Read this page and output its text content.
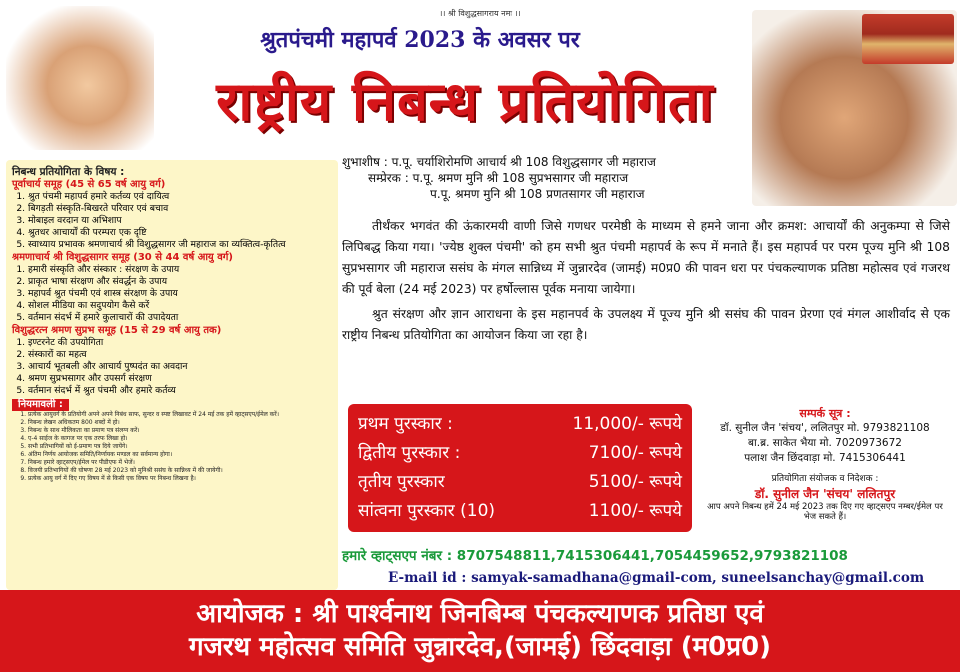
।। श्री विशुद्धसागराय नमः ।।
श्रुतपंचमी महापर्व 2023 के अवसर पर
राष्ट्रीय निबन्ध प्रतियोगिता
शुभाशीष : प.पू. चर्याशिरोमणि आचार्य श्री 108 विशुद्धसागर जी महाराज
सम्प्रेरक : प.पू. श्रमण मुनि श्री 108 सुप्रभसागर जी महाराज
प.पू. श्रमण मुनि श्री 108 प्रणतसागर जी महाराज
निबन्ध प्रतियोगिता के विषय :
पूर्वाचार्य समूह (45 से 65 वर्ष आयु वर्ग)
1. श्रुत पंचमी महापर्व हमारे कर्तव्य एवं दायित्व
2. बिगड़ती संस्कृति-बिखरते परिवार एवं बचाव
3. मोबाइल वरदान या अभिशाप
4. श्रुतधर आचार्यों की परम्परा एक दृष्टि
5. स्वाध्याय प्रभावक श्रमणाचार्य श्री विशुद्धसागर जी महाराज का व्यक्तित्व-कृतित्व
श्रमणाचार्य श्री विशुद्धसागर समूह (30 से 44 वर्ष आयु वर्ग)
1. हमारी संस्कृति और संस्कार : संरक्षण के उपाय
2. प्राकृत भाषा संरक्षण और संवर्द्धन के उपाय
3. महापर्व श्रुत पंचमी एवं शास्त्र संरक्षण के उपाय
4. सोशल मीडिया का सदुपयोग कैसे करें
5. वर्तमान संदर्भ में हमारे कुलाचारों की उपादेयता
विशुद्धरत्न श्रमण सुप्रभ समूह (15 से 29 वर्ष आयु तक)
1. इण्टरनेट की उपयोगिता
2. संस्कारों का महत्व
3. आचार्य भूतबली और आचार्य पुष्पदंत का अवदान
4. श्रमण सुप्रभसागर और उपसर्ग संरक्षण
5. वर्तमान संदर्भ में श्रुत पंचमी और हमारे कर्तव्य
नियमावली :
1. प्रत्येक आयुवर्ग के प्रतियोगी अपने अपने निबंध साफ, सुन्दर व स्पष्ट लिखावट में 24 मई तक हमें व्हाट्सएप/ईमेल करें।
2. निबन्ध लेखन अधिकतम 800 शब्दों में हो।
3. निबन्ध के साथ मौलिकता का प्रमाण पत्र संलग्न करें।
4. ए-4 साईज के कागज पर एक तरफ लिखा हो।
5. सभी प्रतिभागियों को ई-प्रमाण पत्र दिये जायेंगे।
6. अंतिम निर्णय आयोजक समिति/निर्णायक मण्डल का सर्वमान्य होगा।
7. निबन्ध हमारे व्हाट्सएप/ईमेल पर पीडीएफ में भेजें।
8. विजयी प्रतिभागियों की घोषणा 28 मई 2023 को मुनिश्री ससंघ के सान्निध्य में की जायेगी।
9. प्रत्येक आयु वर्ग में दिए गए विषय में से किसी एक विषय पर निबन्ध लिखना है।

तीर्थंकर भगवंत की ऊंकारमयी वाणी जिसे गणधर परमेष्ठी के माध्यम से हमने जाना और क्रमश: आचार्यों की अनुकम्पा से जिसे लिपिबद्ध किया गया। 'ज्येष्ठ शुक्ल पंचमी' को हम सभी श्रुत पंचमी महापर्व के रूप में मनाते हैं। इस महापर्व पर परम पूज्य मुनि श्री 108 सुप्रभसागर जी महाराज ससंघ के मंगल सान्निध्य में जुन्नारदेव (जामई) म0प्र0 की पावन धरा पर पंचकल्याणक प्रतिष्ठा महोत्सव एवं गजरथ की पूर्व बेला (24 मई 2023) पर हर्षोल्लास पूर्वक मनाया जायेगा।

श्रुत संरक्षण और ज्ञान आराधना के इस महानपर्व के उपलक्ष्य में पूज्य मुनि श्री ससंघ की पावन प्रेरणा एवं मंगल आशीर्वाद से एक राष्ट्रीय निबन्ध प्रतियोगिता का आयोजन किया जा रहा है।

प्रथम पुरस्कार :	11,000/- रूपये
द्वितीय पुरस्कार :	7100/- रूपये
तृतीय पुरस्कार	5100/- रूपये
सांत्वना पुरस्कार (10)	1100/- रूपये
सम्पर्क सूत्र :
डॉ. सुनील जैन 'संचय', ललितपुर मो. 9793821108
बा.ब्र. साकेत भैया मो. 7020973672
पलाश जैन छिंदवाड़ा मो. 7415306441
प्रतियोगिता संयोजक व निदेशक :
डॉ. सुनील जैन 'संचय' ललितपुर
आप अपने निबन्ध हमें 24 मई 2023 तक दिए गए व्हाट्सएप नम्बर/ईमेल पर भेज सकते हैं।
हमारे व्हाट्सएप नंबर : 8707548811,7415306441,7054459652,9793821108
E-mail id : samyak-samadhana@gmail-com, suneelsanchay@gmail.com
आयोजक : श्री पार्श्वनाथ जिनबिम्ब पंचकल्याणक प्रतिष्ठा एवं
गजरथ महोत्सव समिति जुन्नारदेव,(जामई) छिंदवाड़ा (म0प्र0)
